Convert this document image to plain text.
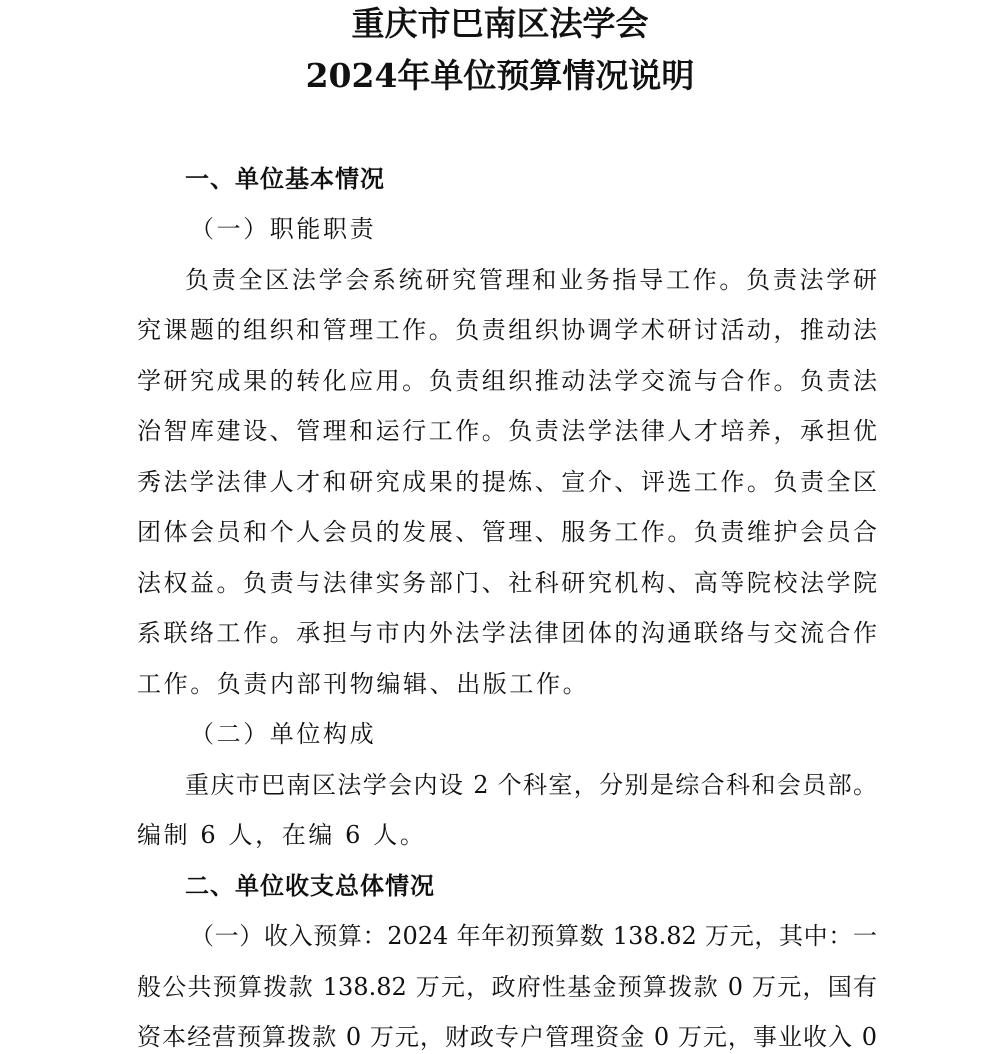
重庆市巴南区法学会
2024年单位预算情况说明
一、单位基本情况
（一）职能职责
负责全区法学会系统研究管理和业务指导工作。负责法学研
究课题的组织和管理工作。负责组织协调学术研讨活动，推动法
学研究成果的转化应用。负责组织推动法学交流与合作。负责法
治智库建设、管理和运行工作。负责法学法律人才培养，承担优
秀法学法律人才和研究成果的提炼、宣介、评选工作。负责全区
团体会员和个人会员的发展、管理、服务工作。负责维护会员合
法权益。负责与法律实务部门、社科研究机构、高等院校法学院
系联络工作。承担与市内外法学法律团体的沟通联络与交流合作
工作。负责内部刊物编辑、出版工作。
（二）单位构成
重庆市巴南区法学会内设 2 个科室，分别是综合科和会员部。
编制 6 人，在编 6 人。
二、单位收支总体情况
（一）收入预算：2024 年年初预算数 138.82 万元，其中：一
般公共预算拨款 138.82 万元，政府性基金预算拨款 0 万元，国有
资本经营预算拨款 0 万元，财政专户管理资金 0 万元，事业收入 0
